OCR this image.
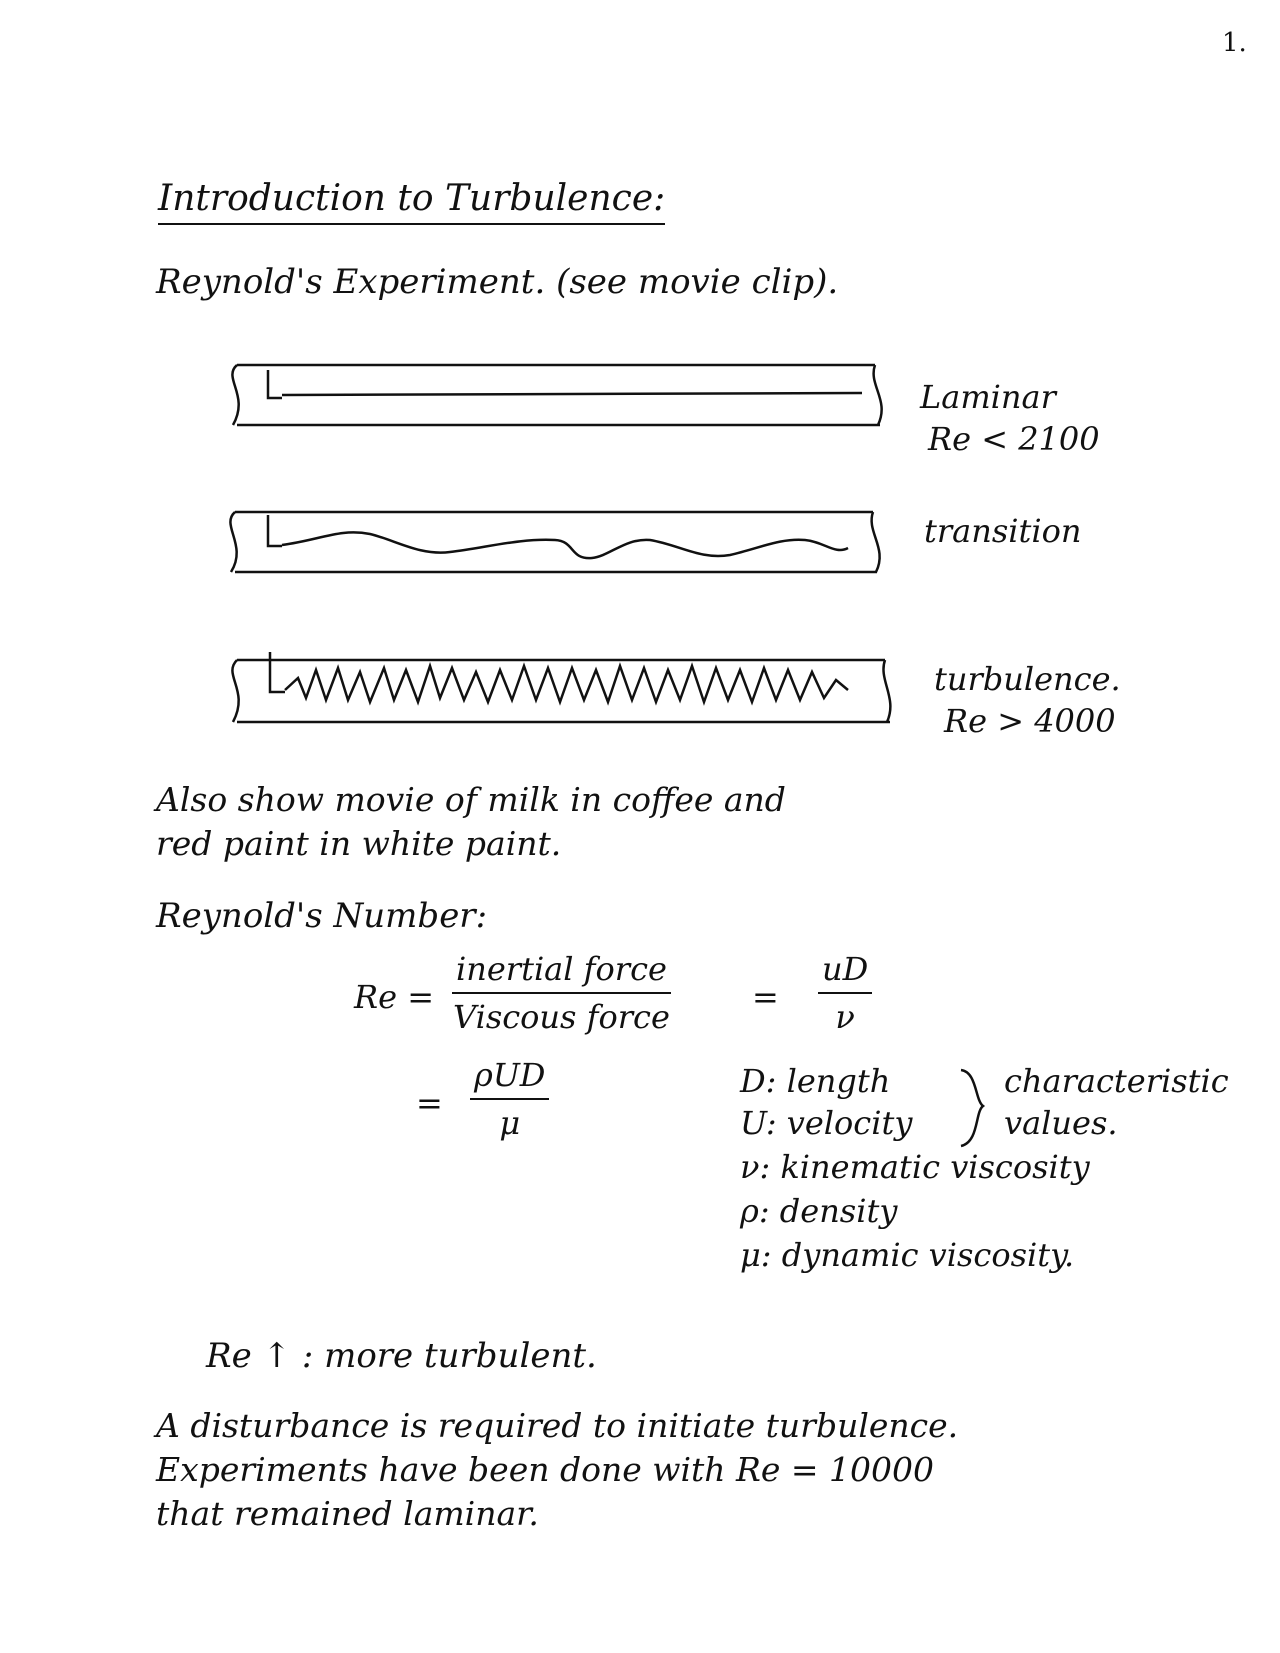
1.
Introduction to Turbulence:
Reynold's Experiment. (see movie clip).
Laminar
Re < 2100
transition
turbulence.
Re > 4000
Also show movie of milk in coffee and
red paint in white paint.
Reynold's Number:
Re =
inertial force
Viscous force
= $\frac{uD}{\nu}$
=
ρUD
μ
D: length
U: velocity
ν: kinematic viscosity
ρ: density
μ: dynamic viscosity.
characteristic
values.
Re ↑ : more turbulent.
A disturbance is required to initiate turbulence.
Experiments have been done with Re = 10000
that remained laminar.
